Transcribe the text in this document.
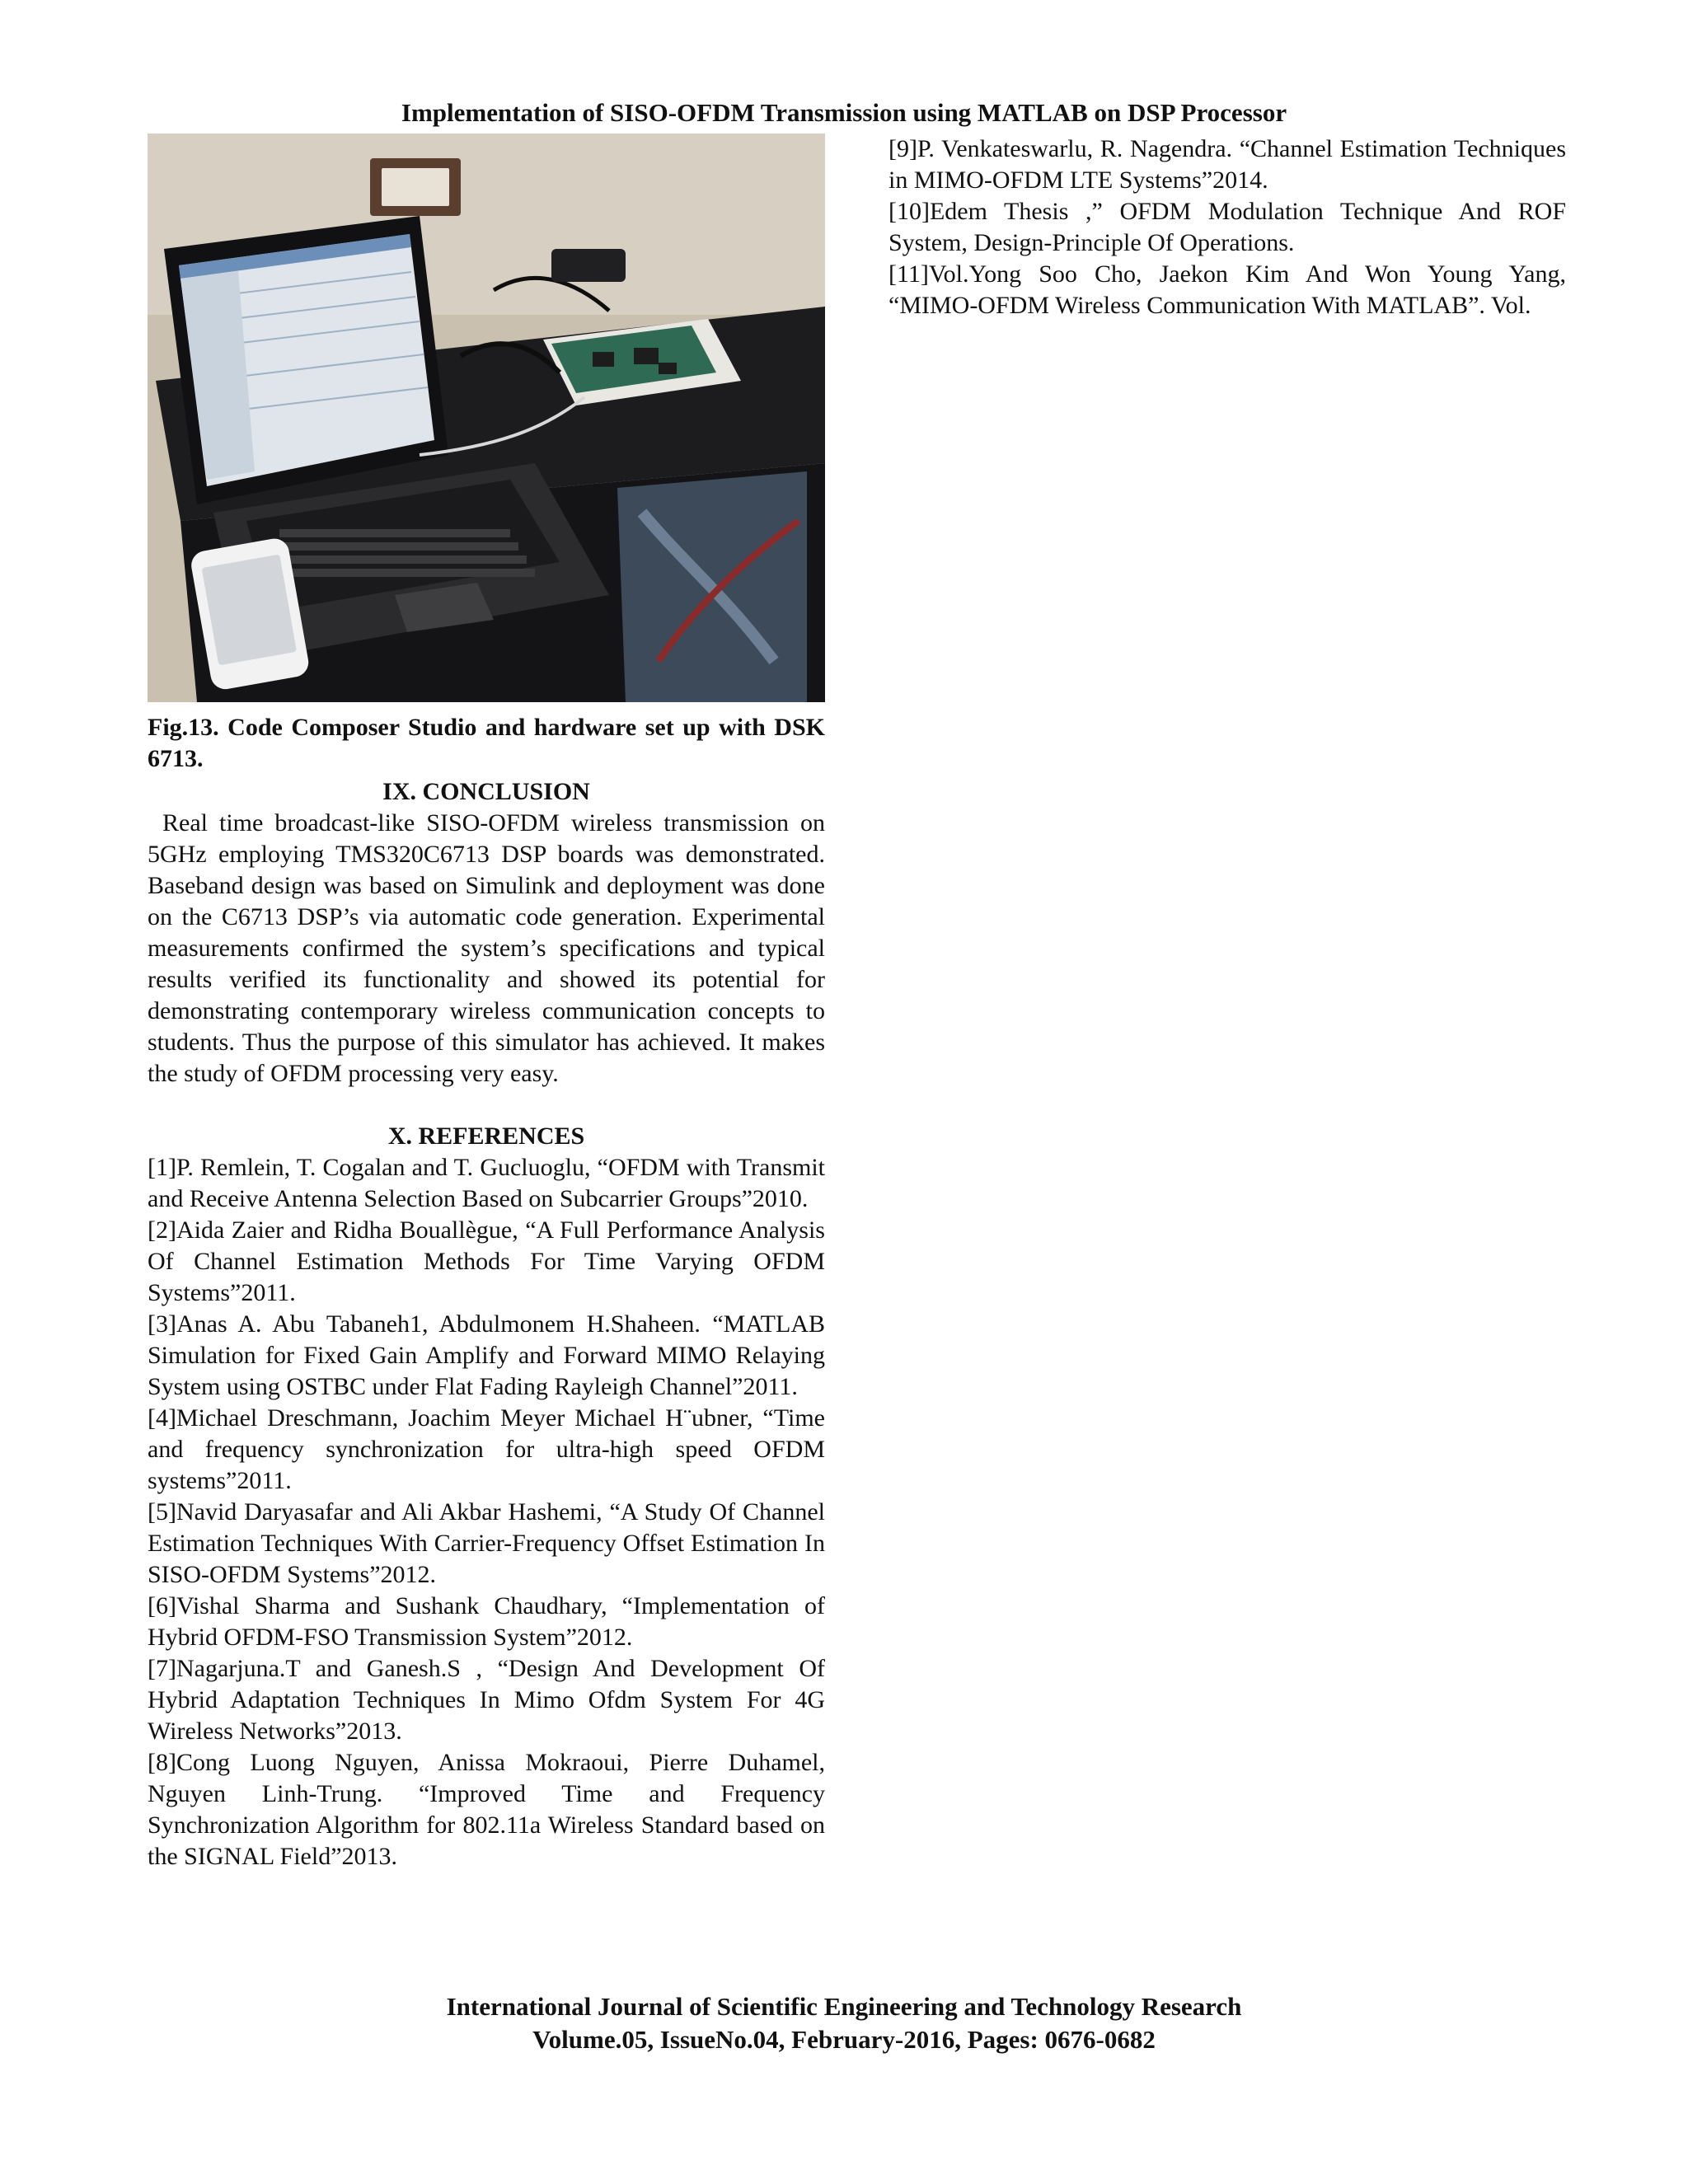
Implementation of SISO-OFDM Transmission using MATLAB on DSP Processor

Fig.13. Code Composer Studio and hardware set up with DSK 6713.

IX. CONCLUSION

Real time broadcast-like SISO-OFDM wireless transmission on 5GHz employing TMS320C6713 DSP boards was demonstrated. Baseband design was based on Simulink and deployment was done on the C6713 DSP’s via automatic code generation. Experimental measurements confirmed the system’s specifications and typical results verified its functionality and showed its potential for demonstrating contemporary wireless communication concepts to students. Thus the purpose of this simulator has achieved. It makes the study of OFDM processing very easy.

X. REFERENCES
[1]P. Remlein, T. Cogalan and T. Gucluoglu, “OFDM with Transmit and Receive Antenna Selection Based on Subcarrier Groups”2010.
[2]Aida Zaier and Ridha Bouallègue, “A Full Performance Analysis Of Channel Estimation Methods For Time Varying OFDM Systems”2011.
[3]Anas A. Abu Tabaneh1, Abdulmonem H.Shaheen. “MATLAB Simulation for Fixed Gain Amplify and Forward MIMO Relaying System using OSTBC under Flat Fading Rayleigh Channel”2011.
[4]Michael Dreschmann, Joachim Meyer Michael H¨ubner, “Time and frequency synchronization for ultra-high speed OFDM systems”2011.
[5]Navid Daryasafar and Ali Akbar Hashemi, “A Study Of Channel Estimation Techniques With Carrier-Frequency Offset Estimation In SISO-OFDM Systems”2012.
[6]Vishal Sharma and Sushank Chaudhary, “Implementation of Hybrid OFDM-FSO Transmission System”2012.
[7]Nagarjuna.T and Ganesh.S , “Design And Development Of Hybrid Adaptation Techniques In Mimo Ofdm System For 4G Wireless Networks”2013.
[8]Cong Luong Nguyen, Anissa Mokraoui, Pierre Duhamel, Nguyen Linh-Trung. “Improved Time and Frequency Synchronization Algorithm for 802.11a Wireless Standard based on the SIGNAL Field”2013.
[9]P. Venkateswarlu, R. Nagendra. “Channel Estimation Techniques in MIMO-OFDM LTE Systems”2014.
[10]Edem Thesis ,” OFDM Modulation Technique And ROF System, Design-Principle Of Operations.
[11]Vol.Yong Soo Cho, Jaekon Kim And Won Young Yang, “MIMO-OFDM Wireless Communication With MATLAB”. Vol.
International Journal of Scientific Engineering and Technology Research
Volume.05, IssueNo.04, February-2016, Pages: 0676-0682
